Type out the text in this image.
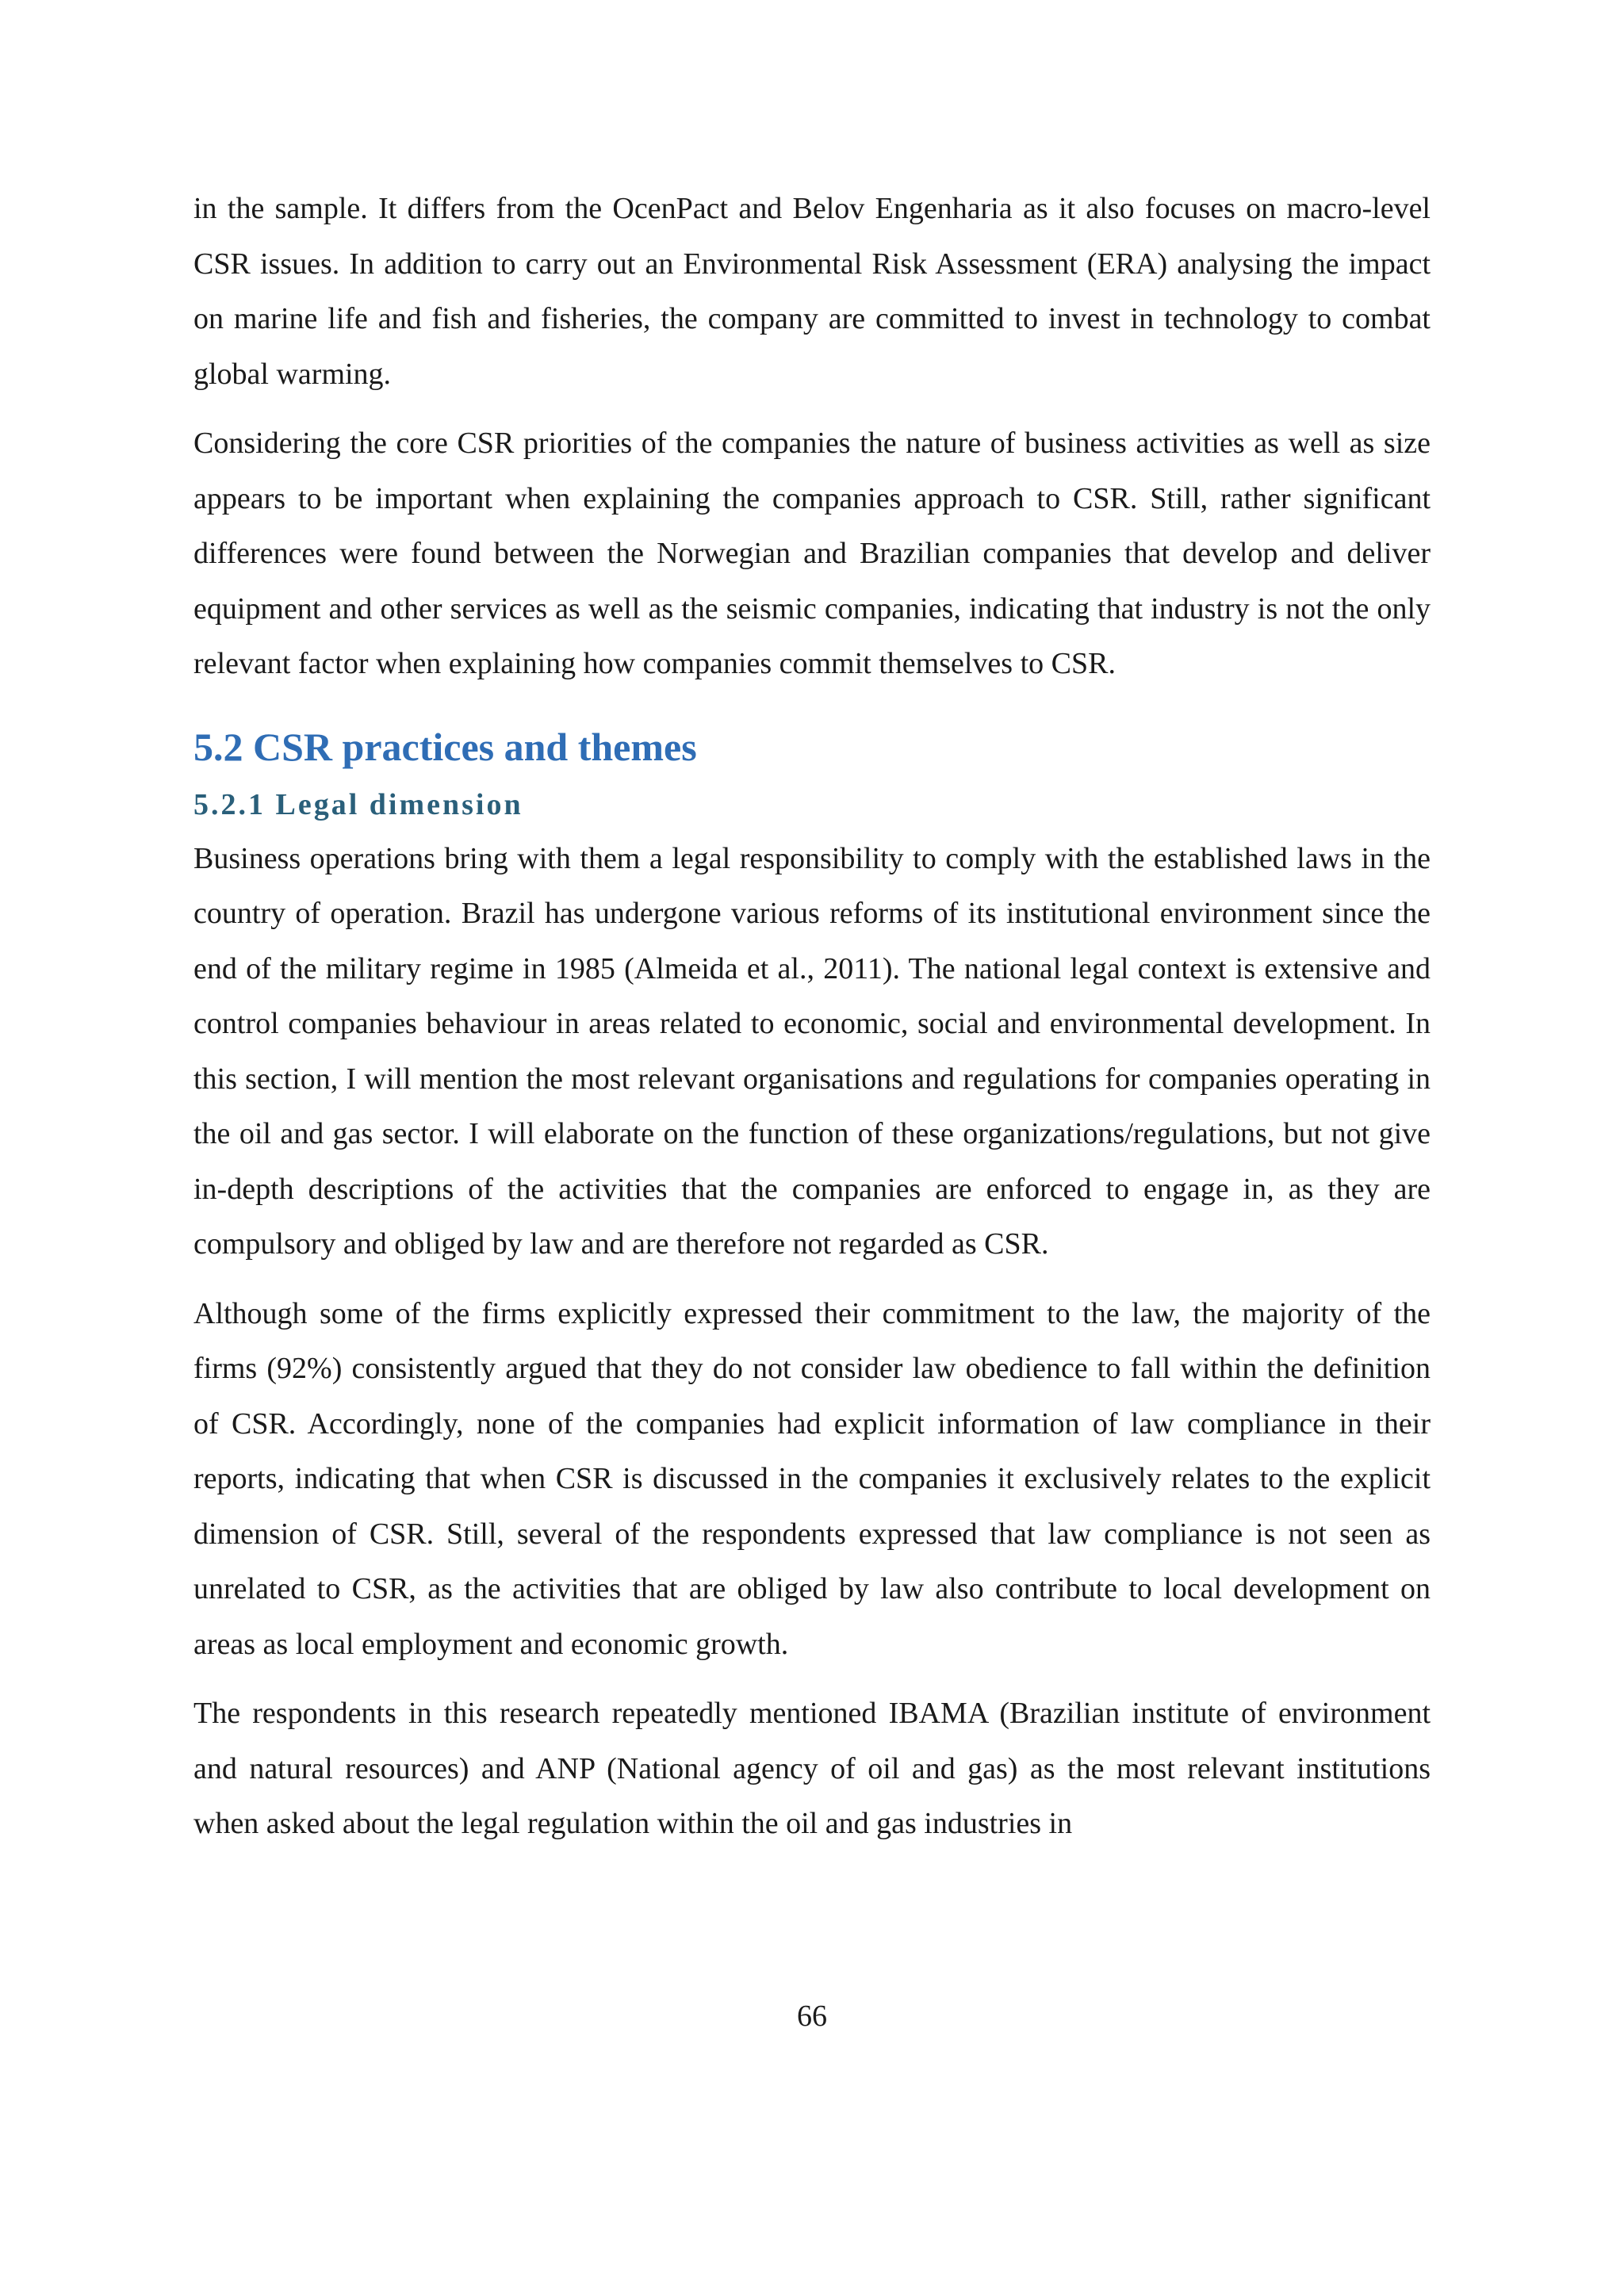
in the sample. It differs from the OcenPact and Belov Engenharia as it also focuses on macro-level CSR issues. In addition to carry out an Environmental Risk Assessment (ERA) analysing the impact on marine life and fish and fisheries, the company are committed to invest in technology to combat global warming.

Considering the core CSR priorities of the companies the nature of business activities as well as size appears to be important when explaining the companies approach to CSR. Still, rather significant differences were found between the Norwegian and Brazilian companies that develop and deliver equipment and other services as well as the seismic companies, indicating that industry is not the only relevant factor when explaining how companies commit themselves to CSR.

5.2 CSR practices and themes
5.2.1 Legal dimension

Business operations bring with them a legal responsibility to comply with the established laws in the country of operation. Brazil has undergone various reforms of its institutional environment since the end of the military regime in 1985 (Almeida et al., 2011). The national legal context is extensive and control companies behaviour in areas related to economic, social and environmental development. In this section, I will mention the most relevant organisations and regulations for companies operating in the oil and gas sector. I will elaborate on the function of these organizations/regulations, but not give in-depth descriptions of the activities that the companies are enforced to engage in, as they are compulsory and obliged by law and are therefore not regarded as CSR.

Although some of the firms explicitly expressed their commitment to the law, the majority of the firms (92%) consistently argued that they do not consider law obedience to fall within the definition of CSR. Accordingly, none of the companies had explicit information of law compliance in their reports, indicating that when CSR is discussed in the companies it exclusively relates to the explicit dimension of CSR. Still, several of the respondents expressed that law compliance is not seen as unrelated to CSR, as the activities that are obliged by law also contribute to local development on areas as local employment and economic growth.

The respondents in this research repeatedly mentioned IBAMA (Brazilian institute of environment and natural resources) and ANP (National agency of oil and gas) as the most relevant institutions when asked about the legal regulation within the oil and gas industries in

66
